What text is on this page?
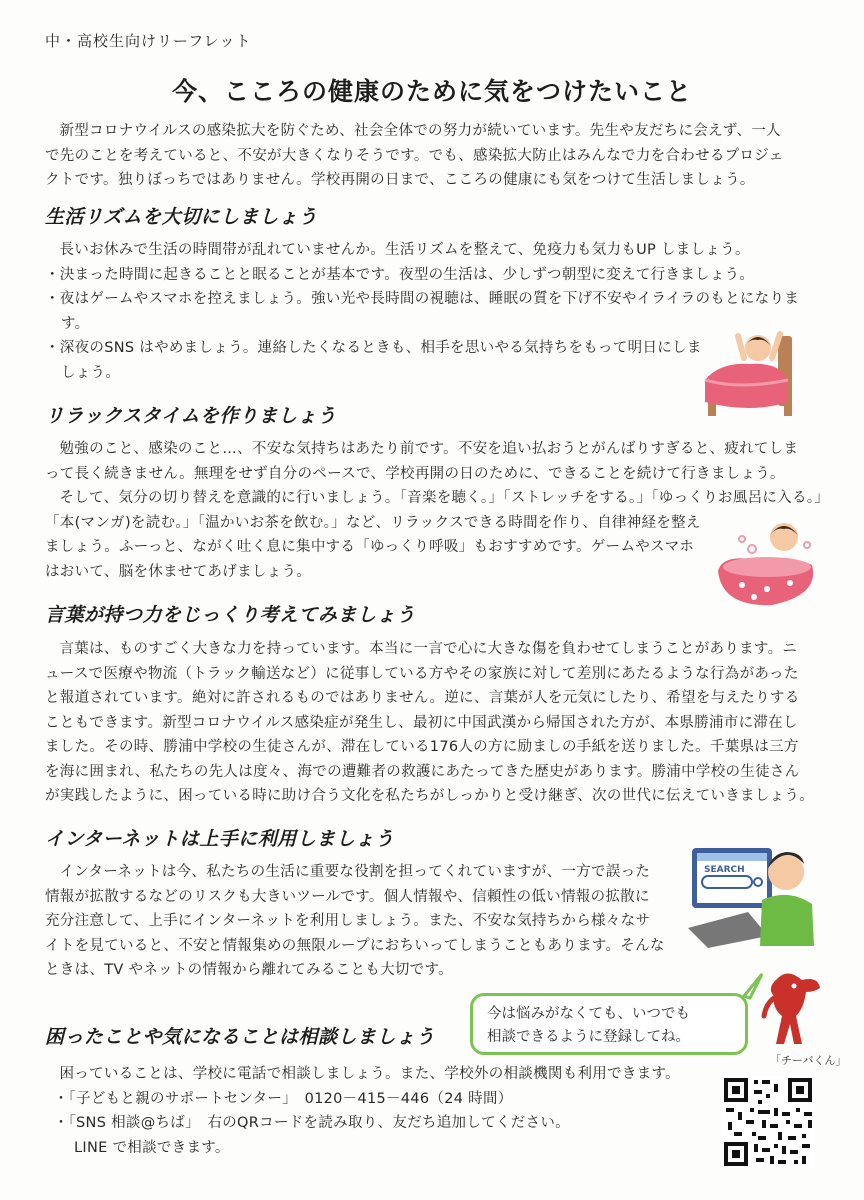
中・高校生向けリーフレット
今、こころの健康のために気をつけたいこと

新型コロナウイルスの感染拡大を防ぐため、社会全体での努力が続いています。先生や友だちに会えず、一人

で先のことを考えていると、不安が大きくなりそうです。でも、感染拡大防止はみんなで力を合わせるプロジェ

クトです。独りぼっちではありません。学校再開の日まで、こころの健康にも気をつけて生活しましょう。

生活リズムを大切にしましょう

長いお休みで生活の時間帯が乱れていませんか。生活リズムを整えて、免疫力も気力もUP しましょう。

・決まった時間に起きることと眠ることが基本です。夜型の生活は、少しずつ朝型に変えて行きましょう。

・夜はゲームやスマホを控えましょう。強い光や長時間の視聴は、睡眠の質を下げ不安やイライラのもとになります。

・深夜のSNS はやめましょう。連絡したくなるときも、相手を思いやる気持ちをもって明日にしましょう。

リラックスタイムを作りましょう

勉強のこと、感染のこと…、不安な気持ちはあたり前です。不安を追い払おうとがんばりすぎると、疲れてしま

って長く続きません。無理をせず自分のペースで、学校再開の日のために、できることを続けて行きましょう。

そして、気分の切り替えを意識的に行いましょう。「音楽を聴く。」「ストレッチをする。」「ゆっくりお風呂に入る。」

「本(マンガ)を読む。」「温かいお茶を飲む。」など、リラックスできる時間を作り、自律神経を整え

ましょう。ふーっと、ながく吐く息に集中する「ゆっくり呼吸」もおすすめです。ゲームやスマホ

はおいて、脳を休ませてあげましょう。

言葉が持つ力をじっくり考えてみましょう

言葉は、ものすごく大きな力を持っています。本当に一言で心に大きな傷を負わせてしまうことがあります。ニ

ュースで医療や物流（トラック輸送など）に従事している方やその家族に対して差別にあたるような行為があった

と報道されています。絶対に許されるものではありません。逆に、言葉が人を元気にしたり、希望を与えたりする

こともできます。新型コロナウイルス感染症が発生し、最初に中国武漢から帰国された方が、本県勝浦市に滞在し

ました。その時、勝浦中学校の生徒さんが、滞在している176人の方に励ましの手紙を送りました。千葉県は三方

を海に囲まれ、私たちの先人は度々、海での遭難者の救護にあたってきた歴史があります。勝浦中学校の生徒さん

が実践したように、困っている時に助け合う文化を私たちがしっかりと受け継ぎ、次の世代に伝えていきましょう。

インターネットは上手に利用しましょう

インターネットは今、私たちの生活に重要な役割を担ってくれていますが、一方で誤った

情報が拡散するなどのリスクも大きいツールです。個人情報や、信頼性の低い情報の拡散に

充分注意して、上手にインターネットを利用しましょう。また、不安な気持ちから様々なサ

イトを見ていると、不安と情報集めの無限ループにおちいってしまうこともあります。そんな

ときは、TV やネットの情報から離れてみることも大切です。

SEARCH
今は悩みがなくても、いつでも
相談できるように登録してね。
「チーバくん」
困ったことや気になることは相談しましょう

困っていることは、学校に電話で相談しましょう。また、学校外の相談機関も利用できます。

・「子どもと親のサポートセンター」　0120－415－446（24 時間）

・「SNS 相談@ちば」　右のQRコードを読み取り、友だち追加してください。

LINE で相談できます。
